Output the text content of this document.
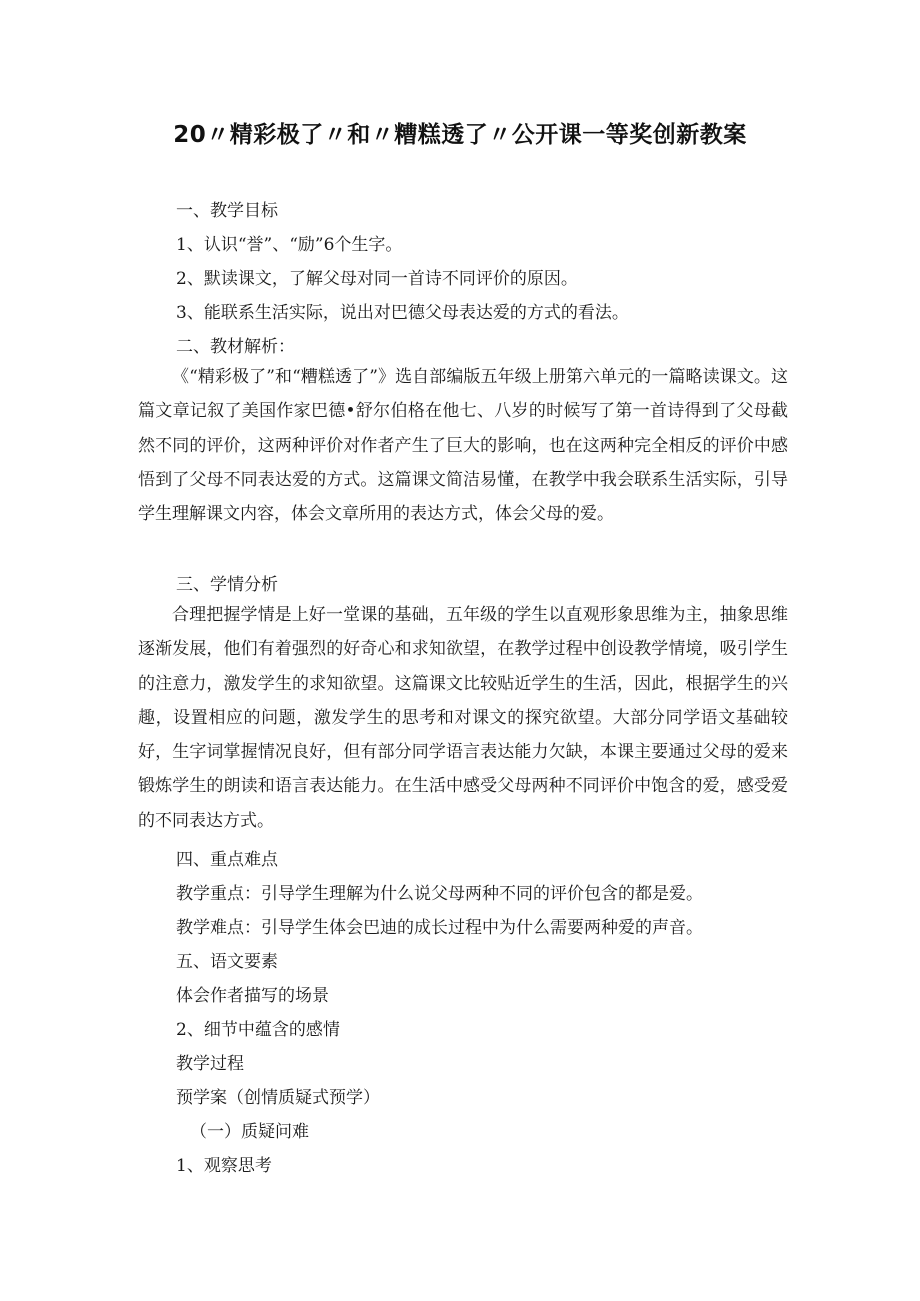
20〃精彩极了〃和〃糟糕透了〃公开课一等奖创新教案
一、教学目标
1、认识“誉”、“励”6个生字。
2、默读课文，了解父母对同一首诗不同评价的原因。
3、能联系生活实际，说出对巴德父母表达爱的方式的看法。
二、教材解析：

《“精彩极了”和“糟糕透了”》选自部编版五年级上册第六单元的一篇略读课文。这篇文章记叙了美国作家巴德•舒尔伯格在他七、八岁的时候写了第一首诗得到了父母截然不同的评价，这两种评价对作者产生了巨大的影响，也在这两种完全相反的评价中感悟到了父母不同表达爱的方式。这篇课文简洁易懂，在教学中我会联系生活实际，引导学生理解课文内容，体会文章所用的表达方式，体会父母的爱。

三、学情分析

合理把握学情是上好一堂课的基础，五年级的学生以直观形象思维为主，抽象思维逐渐发展，他们有着强烈的好奇心和求知欲望，在教学过程中创设教学情境，吸引学生的注意力，激发学生的求知欲望。这篇课文比较贴近学生的生活，因此，根据学生的兴趣，设置相应的问题，激发学生的思考和对课文的探究欲望。大部分同学语文基础较好，生字词掌握情况良好，但有部分同学语言表达能力欠缺，本课主要通过父母的爱来锻炼学生的朗读和语言表达能力。在生活中感受父母两种不同评价中饱含的爱，感受爱的不同表达方式。

四、重点难点
教学重点：引导学生理解为什么说父母两种不同的评价包含的都是爱。
教学难点：引导学生体会巴迪的成长过程中为什么需要两种爱的声音。
五、语文要素
体会作者描写的场景
2、细节中蕴含的感情
教学过程
预学案（创情质疑式预学）
（一）质疑问难
1、观察思考
